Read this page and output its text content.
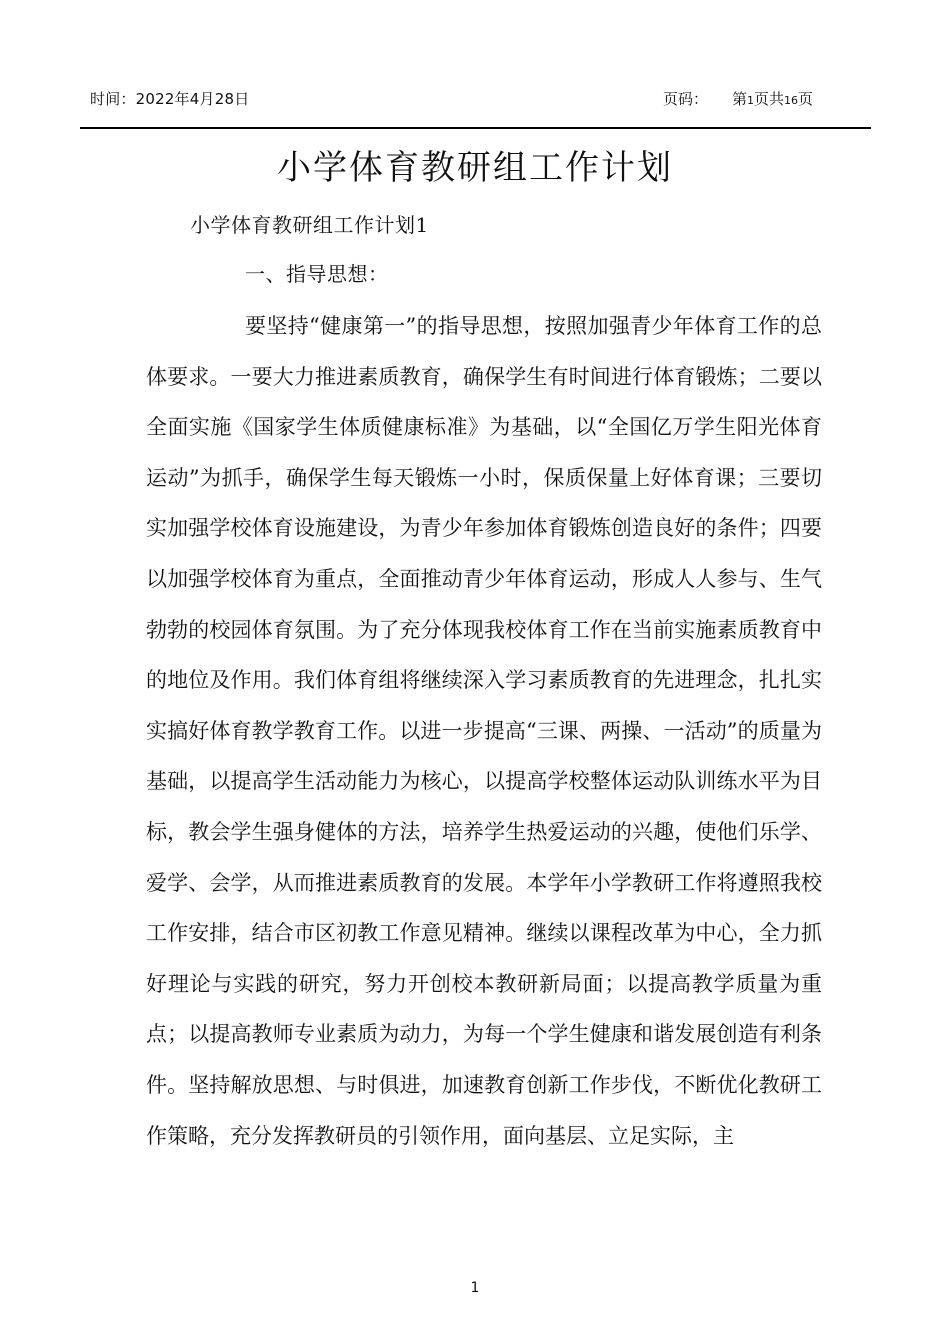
时间：2022年4月28日	页码： 第1页共16页
小学体育教研组工作计划
小学体育教研组工作计划1
一、指导思想：

要坚持“健康第一”的指导思想，按照加强青少年体育工作的总体要求。一要大力推进素质教育，确保学生有时间进行体育锻炼；二要以全面实施《国家学生体质健康标准》为基础，以“全国亿万学生阳光体育运动”为抓手，确保学生每天锻炼一小时，保质保量上好体育课；三要切实加强学校体育设施建设，为青少年参加体育锻炼创造良好的条件；四要以加强学校体育为重点，全面推动青少年体育运动，形成人人参与、生气勃勃的校园体育氛围。为了充分体现我校体育工作在当前实施素质教育中的地位及作用。我们体育组将继续深入学习素质教育的先进理念，扎扎实实搞好体育教学教育工作。以进一步提高“三课、两操、一活动”的质量为基础，以提高学生活动能力为核心，以提高学校整体运动队训练水平为目标，教会学生强身健体的方法，培养学生热爱运动的兴趣，使他们乐学、爱学、会学，从而推进素质教育的发展。本学年小学教研工作将遵照我校工作安排，结合市区初教工作意见精神。继续以课程改革为中心，全力抓好理论与实践的研究，努力开创校本教研新局面；以提高教学质量为重点；以提高教师专业素质为动力，为每一个学生健康和谐发展创造有利条件。坚持解放思想、与时俱进，加速教育创新工作步伐，不断优化教研工作策略，充分发挥教研员的引领作用，面向基层、立足实际，主

1
